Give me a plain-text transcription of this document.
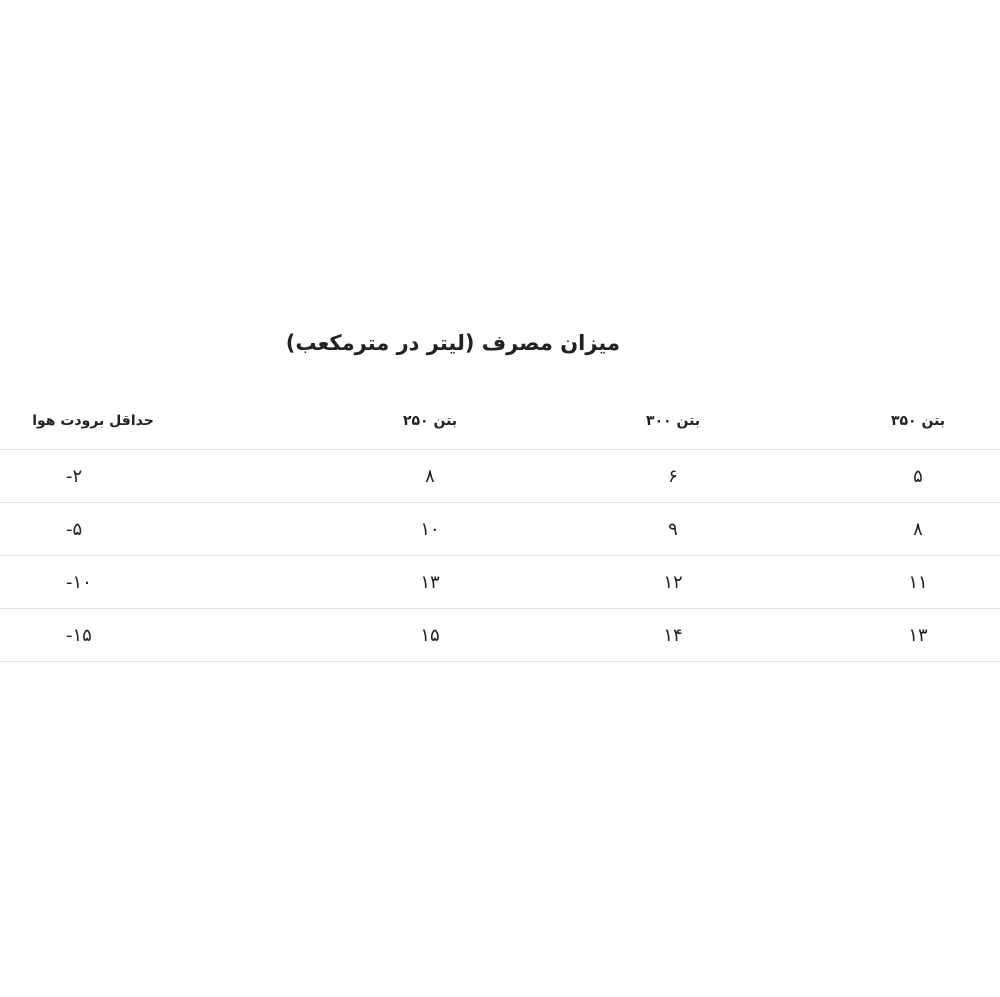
میزان مصرف (لیتر در مترمکعب)
حداقل برودت هوا	بتن ۲۵۰	بتن ۳۰۰	بتن ۳۵۰
-۲	۸	۶	۵
-۵	۱۰	۹	۸
-۱۰	۱۳	۱۲	۱۱
-۱۵	۱۵	۱۴	۱۳
